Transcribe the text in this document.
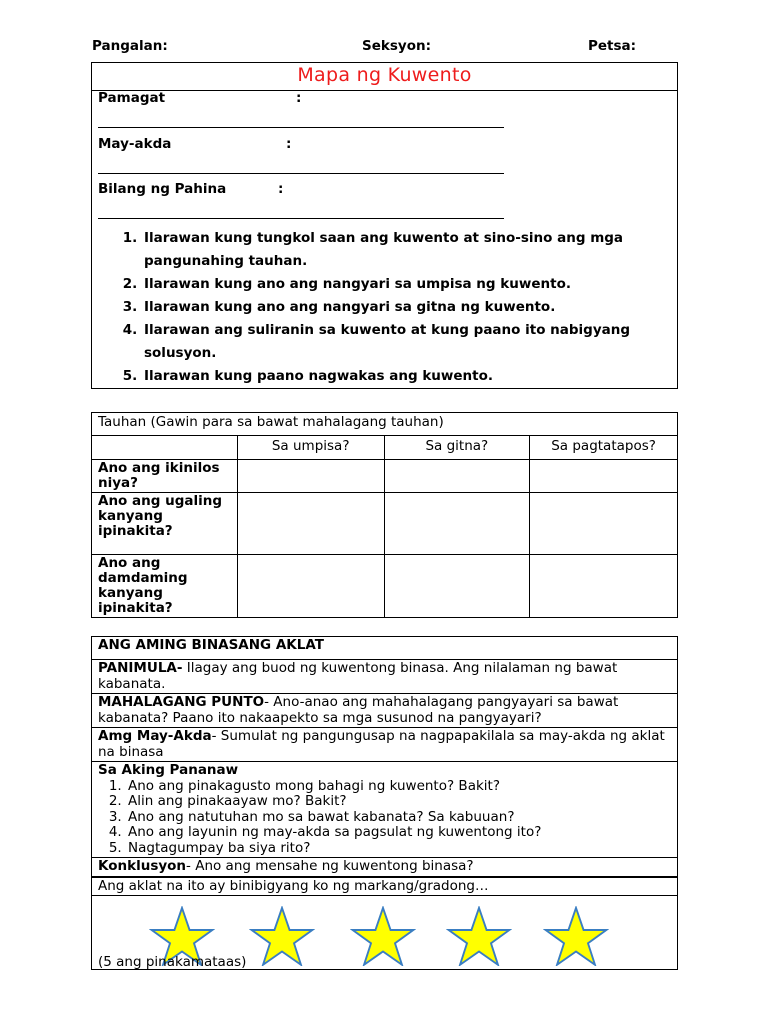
Pangalan:	Seksyon:	Petsa:
Mapa ng Kuwento
Pamagat	:
May-akda	:
Bilang ng Pahina	:
1. Ilarawan kung tungkol saan ang kuwento at sino-sino ang mga pangunahing tauhan.
2. Ilarawan kung ano ang nangyari sa umpisa ng kuwento.
3. Ilarawan kung ano ang nangyari sa gitna ng kuwento.
4. Ilarawan ang suliranin sa kuwento at kung paano ito nabigyang solusyon.
5. Ilarawan kung paano nagwakas ang kuwento.
Tauhan (Gawin para sa bawat mahalagang tauhan)			
	Sa umpisa?	Sa gitna?	Sa pagtatapos?
Ano ang ikinilos niya?			
Ano ang ugaling kanyang ipinakita?			
Ano ang damdaming kanyang ipinakita?			
ANG AMING BINASANG AKLAT
PANIMULA- Ilagay ang buod ng kuwentong binasa. Ang nilalaman ng bawat kabanata.
MAHALAGANG PUNTO- Ano-anao ang mahahalagang pangyayari sa bawat kabanata? Paano ito nakaapekto sa mga susunod na pangyayari?
Amg May-Akda- Sumulat ng pangungusap na nagpapakilala sa may-akda ng aklat na binasa
Sa Aking Pananaw
1. Ano ang pinakagusto mong bahagi ng kuwento? Bakit?
2. Alin ang pinakaayaw mo? Bakit?
3. Ano ang natutuhan mo sa bawat kabanata? Sa kabuuan?
4. Ano ang layunin ng may-akda sa pagsulat ng kuwentong ito?
5. Nagtagumpay ba siya rito?

Konklusyon- Ano ang mensahe ng kuwentong binasa?
Ang aklat na ito ay binibigyang ko ng markang/gradong…
(5 ang pinakamataas)
